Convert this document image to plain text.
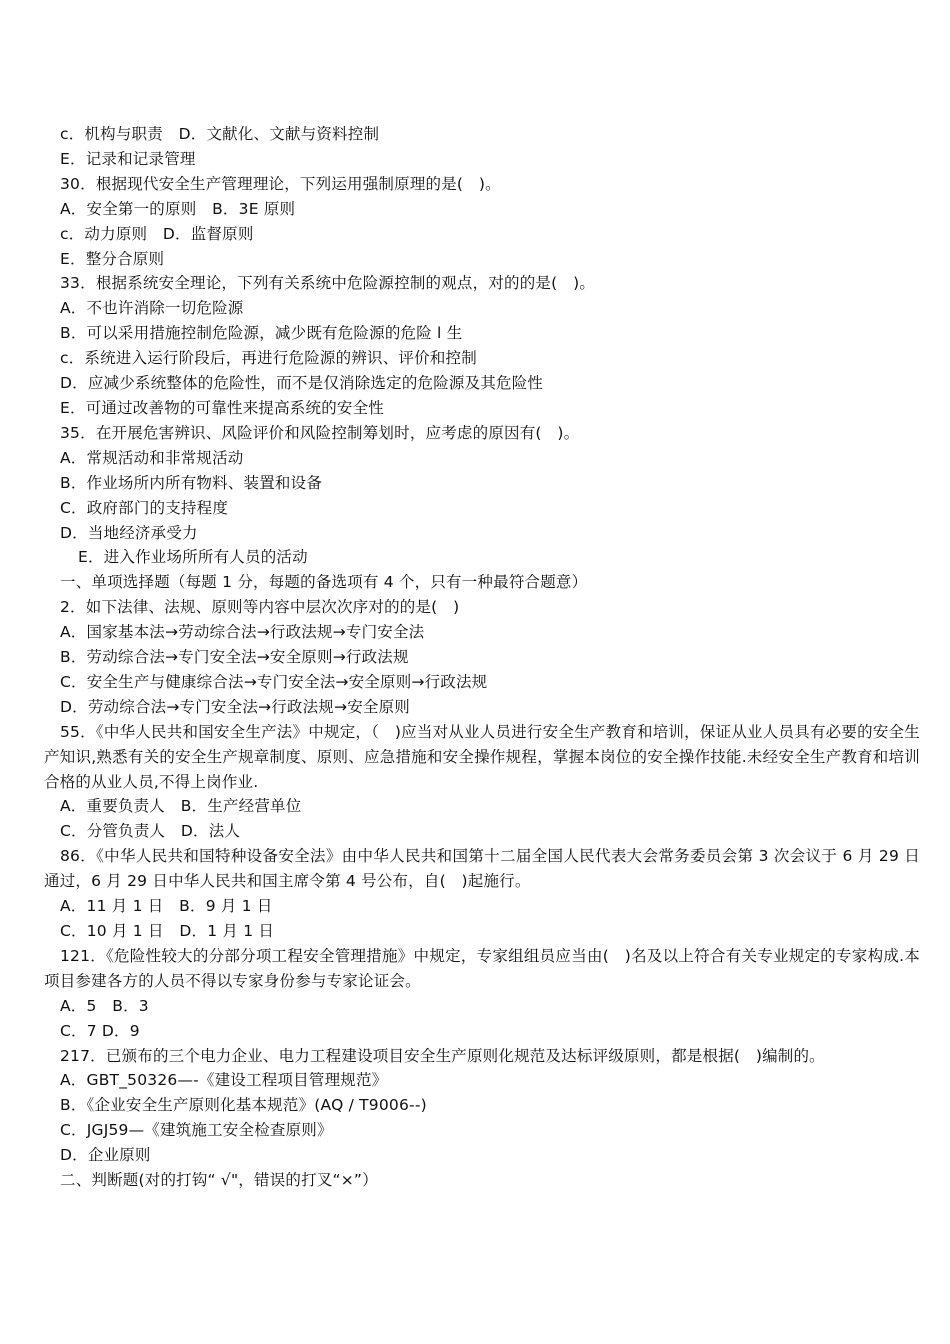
c．机构与职责　D．文献化、文献与资料控制
E．记录和记录管理
30．根据现代安全生产管理理论，下列运用强制原理的是(　)。
A．安全第一的原则　B．3E 原则
c．动力原则　D．监督原则
E．整分合原则
33．根据系统安全理论，下列有关系统中危险源控制的观点，对的的是(　)。
A．不也许消除一切危险源
B．可以采用措施控制危险源，减少既有危险源的危险 l 生
c．系统进入运行阶段后，再进行危险源的辨识、评价和控制
D．应减少系统整体的危险性，而不是仅消除选定的危险源及其危险性
E．可通过改善物的可靠性来提高系统的安全性
35．在开展危害辨识、风险评价和风险控制筹划时，应考虑的原因有(　)。
A．常规活动和非常规活动
B．作业场所内所有物料、装置和设备
C．政府部门的支持程度
D．当地经济承受力
E．进入作业场所所有人员的活动
一、单项选择题（每题 1 分，每题的备选项有 4 个，只有一种最符合题意）
2．如下法律、法规、原则等内容中层次次序对的的是(　)
A．国家基本法→劳动综合法→行政法规→专门安全法
B．劳动综合法→专门安全法→安全原则→行政法规
C．安全生产与健康综合法→专门安全法→安全原则→行政法规
D．劳动综合法→专门安全法→行政法规→安全原则
55．《中华人民共和国安全生产法》中规定，（　)应当对从业人员进行安全生产教育和培训，保证从业人员具有必要的安全生产知识,熟悉有关的安全生产规章制度、原则、应急措施和安全操作规程，掌握本岗位的安全操作技能.未经安全生产教育和培训合格的从业人员,不得上岗作业.
A．重要负责人　B．生产经营单位
C．分管负责人　D．法人
86．《中华人民共和国特种设备安全法》由中华人民共和国第十二届全国人民代表大会常务委员会第 3 次会议于 6 月 29 日通过，6 月 29 日中华人民共和国主席令第 4 号公布，自(　)起施行。
A．11 月 1 日　B．9 月 1 日
C．10 月 1 日　D．1 月 1 日
121．《危险性较大的分部分项工程安全管理措施》中规定，专家组组员应当由(　)名及以上符合有关专业规定的专家构成.本项目参建各方的人员不得以专家身份参与专家论证会。
A．5　B．3
C．7 D．9
217．已颁布的三个电力企业、电力工程建设项目安全生产原则化规范及达标评级原则，都是根据(　)编制的。
A．GBT_50326—-《建设工程项目管理规范》
B．《企业安全生产原则化基本规范》(AQ / T9006--)
C．JGJ59—《建筑施工安全检查原则》
D．企业原则
二、判断题(对的打钩“ √"，错误的打叉“×”）
